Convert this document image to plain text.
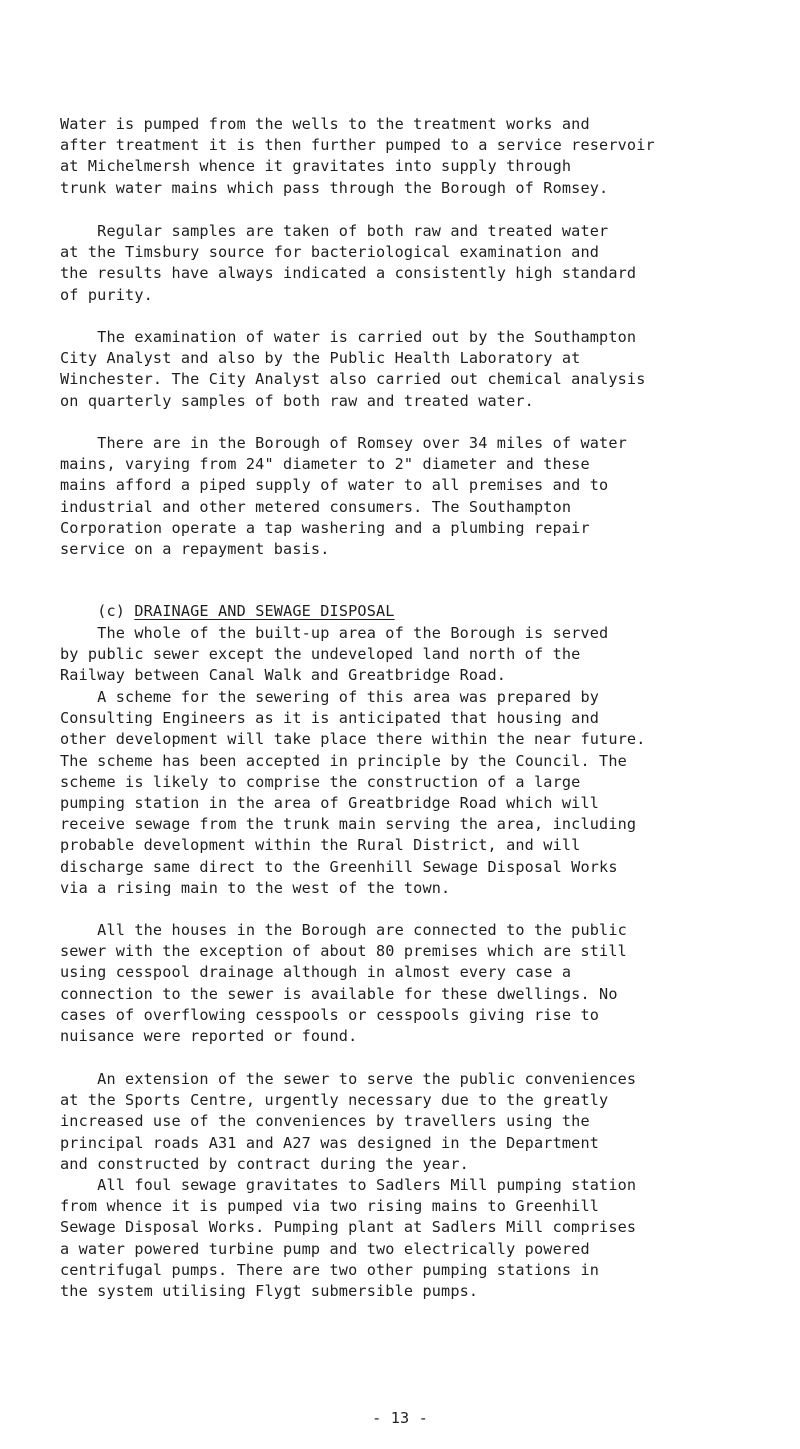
Water is pumped from the wells to the treatment works and
after treatment it is then further pumped to a service reservoir
at Michelmersh whence it gravitates into supply through
trunk water mains which pass through the Borough of Romsey.

Regular samples are taken of both raw and treated water
at the Timsbury source for bacteriological examination and
the results have always indicated a consistently high standard
of purity.

The examination of water is carried out by the Southampton
City Analyst and also by the Public Health Laboratory at
Winchester. The City Analyst also carried out chemical analysis
on quarterly samples of both raw and treated water.

There are in the Borough of Romsey over 34 miles of water
mains, varying from 24" diameter to 2" diameter and these
mains afford a piped supply of water to all premises and to
industrial and other metered consumers. The Southampton
Corporation operate a tap washering and a plumbing repair
service on a repayment basis.

(c) DRAINAGE AND SEWAGE DISPOSAL

The whole of the built-up area of the Borough is served
by public sewer except the undeveloped land north of the
Railway between Canal Walk and Greatbridge Road.

A scheme for the sewering of this area was prepared by
Consulting Engineers as it is anticipated that housing and
other development will take place there within the near future.
The scheme has been accepted in principle by the Council. The
scheme is likely to comprise the construction of a large
pumping station in the area of Greatbridge Road which will
receive sewage from the trunk main serving the area, including
probable development within the Rural District, and will
discharge same direct to the Greenhill Sewage Disposal Works
via a rising main to the west of the town.

All the houses in the Borough are connected to the public
sewer with the exception of about 80 premises which are still
using cesspool drainage although in almost every case a
connection to the sewer is available for these dwellings. No
cases of overflowing cesspools or cesspools giving rise to
nuisance were reported or found.

An extension of the sewer to serve the public conveniences
at the Sports Centre, urgently necessary due to the greatly
increased use of the conveniences by travellers using the
principal roads A31 and A27 was designed in the Department
and constructed by contract during the year.

All foul sewage gravitates to Sadlers Mill pumping station
from whence it is pumped via two rising mains to Greenhill
Sewage Disposal Works. Pumping plant at Sadlers Mill comprises
a water powered turbine pump and two electrically powered
centrifugal pumps. There are two other pumping stations in
the system utilising Flygt submersible pumps.

- 13 -
